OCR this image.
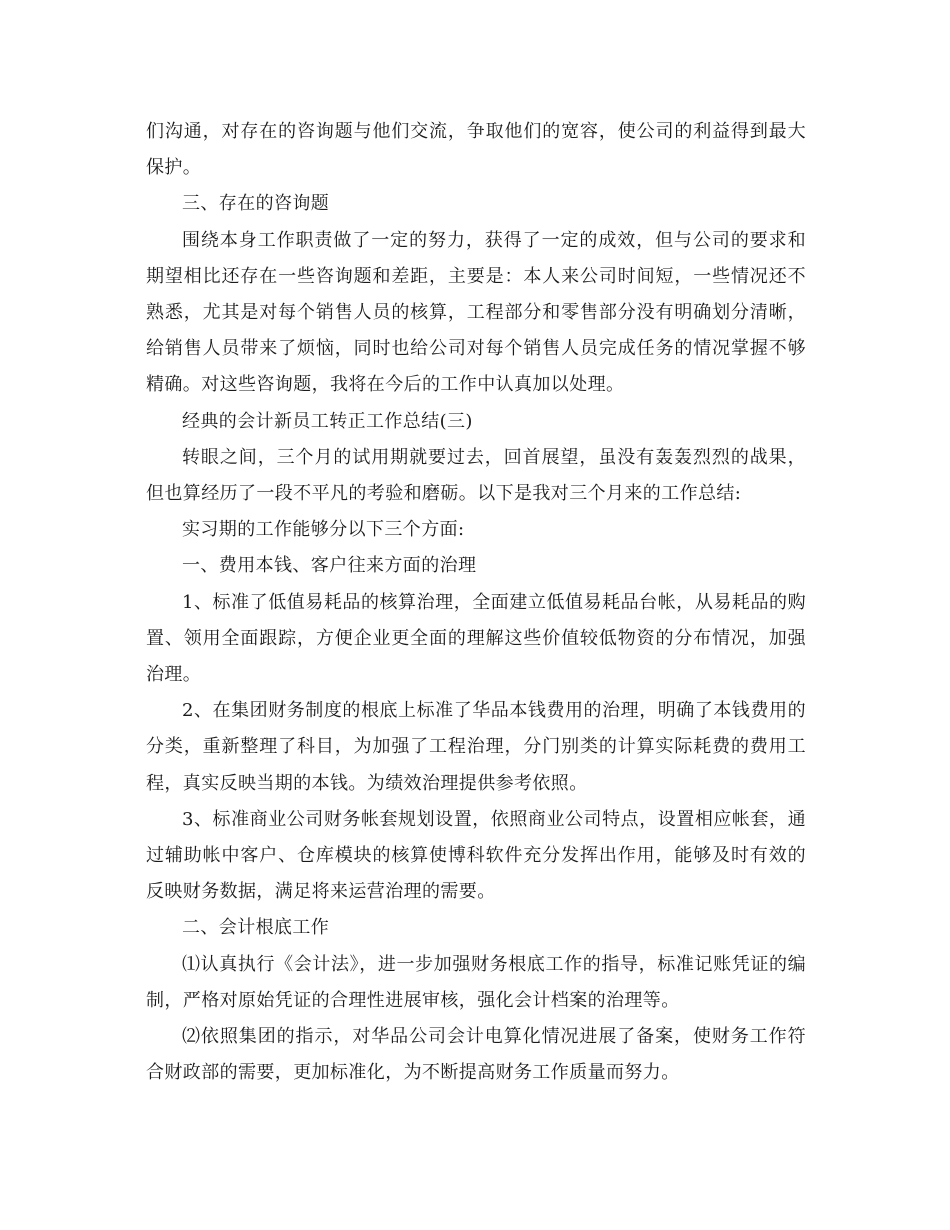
们沟通，对存在的咨询题与他们交流，争取他们的宽容，使公司的利益得到最大保护。

三、存在的咨询题

围绕本身工作职责做了一定的努力，获得了一定的成效，但与公司的要求和期望相比还存在一些咨询题和差距，主要是：本人来公司时间短，一些情况还不熟悉，尤其是对每个销售人员的核算，工程部分和零售部分没有明确划分清晰，给销售人员带来了烦恼，同时也给公司对每个销售人员完成任务的情况掌握不够精确。对这些咨询题，我将在今后的工作中认真加以处理。

经典的会计新员工转正工作总结(三)

转眼之间，三个月的试用期就要过去，回首展望，虽没有轰轰烈烈的战果，但也算经历了一段不平凡的考验和磨砺。以下是我对三个月来的工作总结:

实习期的工作能够分以下三个方面:

一、费用本钱、客户往来方面的治理

1、标准了低值易耗品的核算治理，全面建立低值易耗品台帐，从易耗品的购置、领用全面跟踪，方便企业更全面的理解这些价值较低物资的分布情况，加强治理。

2、在集团财务制度的根底上标准了华品本钱费用的治理，明确了本钱费用的分类，重新整理了科目，为加强了工程治理，分门别类的计算实际耗费的费用工程，真实反映当期的本钱。为绩效治理提供参考依照。

3、标准商业公司财务帐套规划设置，依照商业公司特点，设置相应帐套，通过辅助帐中客户、仓库模块的核算使博科软件充分发挥出作用，能够及时有效的反映财务数据，满足将来运营治理的需要。

二、会计根底工作

⑴认真执行《会计法》，进一步加强财务根底工作的指导，标准记账凭证的编制，严格对原始凭证的合理性进展审核，强化会计档案的治理等。

⑵依照集团的指示，对华品公司会计电算化情况进展了备案，使财务工作符合财政部的需要，更加标准化，为不断提高财务工作质量而努力。
